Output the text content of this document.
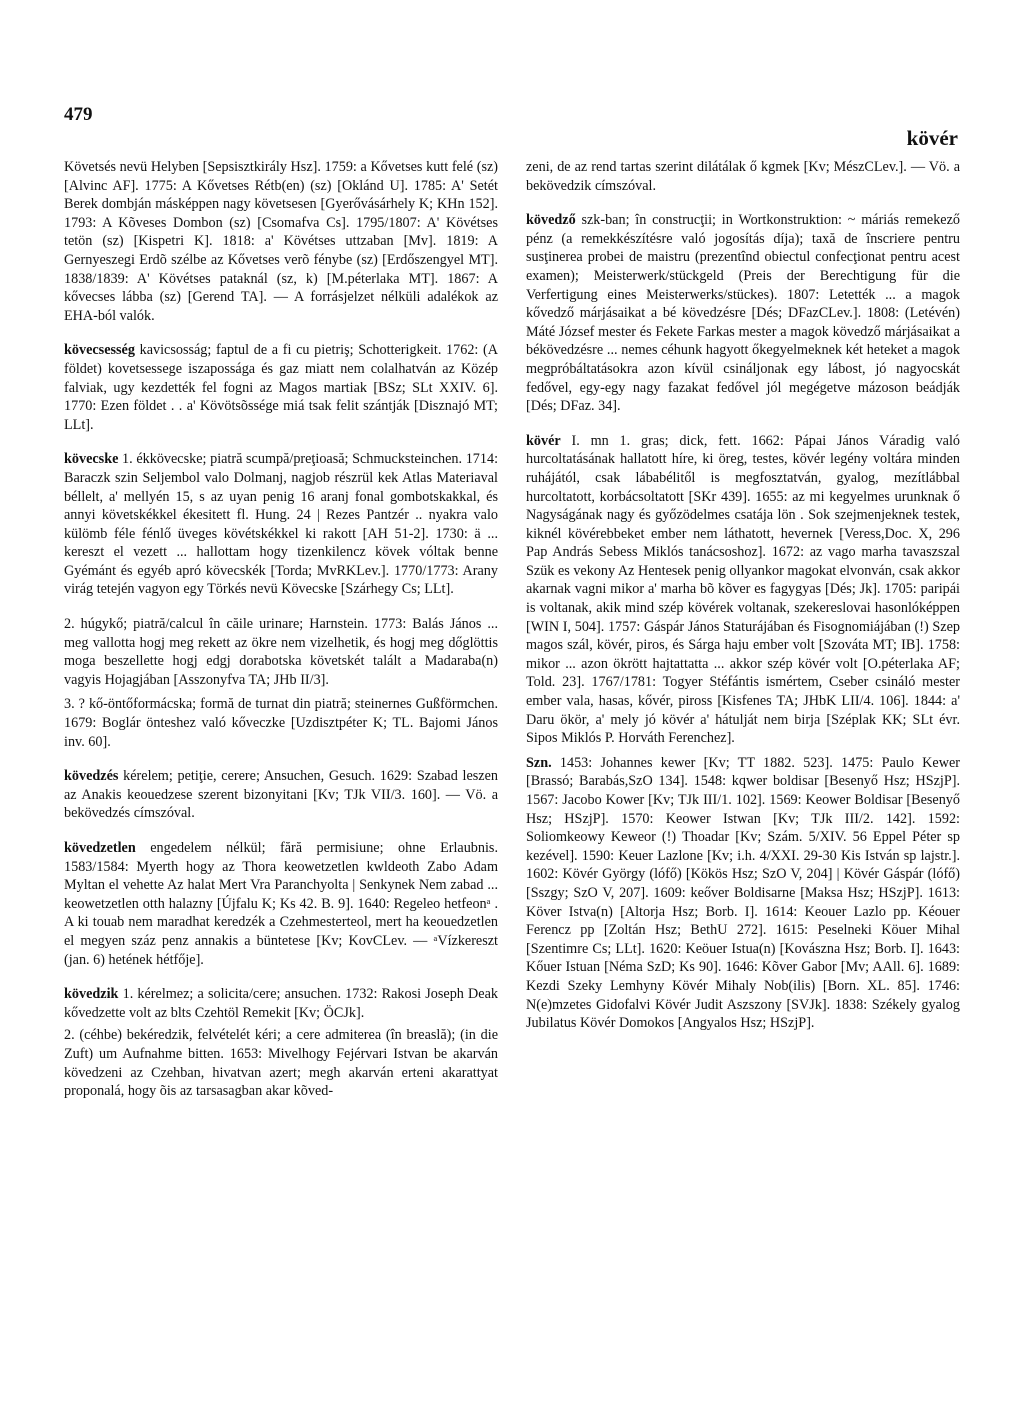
479
kövér

Követsés nevü Helyben [Sepsisztkirály Hsz]. 1759: a Kővetses kutt felé (sz) [Alvinc AF]. 1775: A Kővetses Rétb(en) (sz) [Oklánd U]. 1785: A' Setét Berek dombján másképpen nagy követsesen [Gyerővásárhely K; KHn 152]. 1793: A Kõveses Dombon (sz) [Csomafva Cs]. 1795/1807: A' Kövétses tetön (sz) [Kispetri K]. 1818: a' Kövétses uttzaban [Mv]. 1819: A Gernyeszegi Erdõ szélbe az Kővetses verõ fénybe (sz) [Erdőszengyel MT]. 1838/1839: A' Kövétses pataknál (sz, k) [M.péterlaka MT]. 1867: A kővecses lábba (sz) [Gerend TA]. — A forrásjelzet nélküli adalékok az EHA-ból valók.

kövecsesség kavicsosság; faptul de a fi cu pietriş; Schotterigkeit. 1762: (A földet) kovetsessege iszapossága és gaz miatt nem colalhatván az Közép falviak, ugy kezdették fel fogni az Magos martiak [BSz; SLt XXIV. 6]. 1770: Ezen földet . . a' Kövötsõssége miá tsak felit szántják [Disznajó MT; LLt].

kövecske 1. ékkövecske; piatră scumpă/preţioasă; Schmucksteinchen. 1714: Baraczk szin Seljembol valo Dolmanj, nagjob részrül kek Atlas Materiaval béllelt, a' mellyén 15, s az uyan penig 16 aranj fonal gombotskakkal, és annyi követskékkel ékesitett fl. Hung. 24 | Rezes Pantzér .. nyakra valo külömb féle fénlő üveges kövétskékkel ki rakott [AH 51-2]. 1730: ä ... kereszt el vezett ... hallottam hogy tizenkilencz kövek vóltak benne Gyémánt és egyéb apró kövecskék [Torda; MvRKLev.]. 1770/1773: Arany virág tetején vagyon egy Törkés nevü Kövecske [Szárhegy Cs; LLt].

2. húgykő; piatră/calcul în căile urinare; Harnstein. 1773: Balás János ... meg vallotta hogj meg rekett az ökre nem vizelhetik, és hogj meg dőglöttis moga beszellette hogj edgj dorabotska követskét talált a Madaraba(n) vagyis Hojagjában [Asszonyfva TA; JHb II/3].

3. ? kő-öntőformácska; formă de turnat din piatră; steinernes Gußförmchen. 1679: Boglár önteshez való kőveczke [Uzdisztpéter K; TL. Bajomi János inv. 60].

kövedzés kérelem; petiţie, cerere; Ansuchen, Gesuch. 1629: Szabad leszen az Anakis keouedzese szerent bizonyitani [Kv; TJk VII/3. 160]. — Vö. a bekövedzés címszóval.

kövedzetlen engedelem nélkül; fără permisiune; ohne Erlaubnis. 1583/1584: Myerth hogy az Thora keowetzetlen kwldeoth Zabo Adam Myltan el vehette Az halat Mert Vra Paranchyolta | Senkynek Nem zabad ... keowetzetlen otth halazny [Újfalu K; Ks 42. B. 9]. 1640: Regeleo hetfeonᵃ . A ki touab nem maradhat keredzék a Czehmesterteol, mert ha keouedzetlen el megyen száz penz annakis a büntetese [Kv; KovCLev. — ᵃVízkereszt (jan. 6) hetének hétfője].

kövedzik 1. kérelmez; a solicita/cere; ansuchen. 1732: Rakosi Joseph Deak kővedzette volt az blts Czehtöl Remekit [Kv; ÖCJk].

2. (céhbe) bekéredzik, felvételét kéri; a cere admiterea (în breaslă); (in die Zuft) um Aufnahme bitten. 1653: Mivelhogy Fejérvari Istvan be akarván kövedzeni az Czehban, hivatvan azert; megh akarván erteni akarattyat proponalá, hogy õis az tarsasagban akar kõved-

zeni, de az rend tartas szerint dilátálak ő kgmek [Kv; MészCLev.]. — Vö. a bekövedzik címszóval.

kövedző szk-ban; în construcţii; in Wortkonstruktion: ~ máriás remekező pénz (a remekkészítésre való jogosítás díja); taxă de înscriere pentru susţinerea probei de maistru (prezentînd obiectul confecţionat pentru acest examen); Meisterwerk/stückgeld (Preis der Berechtigung für die Verfertigung eines Meisterwerks/stückes). 1807: Letették ... a magok kővedző márjásaikat a bé kövedzésre [Dés; DFazCLev.]. 1808: (Letévén) Máté József mester és Fekete Farkas mester a magok kövedző márjásaikat a békövedzésre ... nemes céhunk hagyott őkegyelmeknek két heteket a magok megpróbáltatásokra azon kívül csináljonak egy lábost, jó nagyocskát fedővel, egy-egy nagy fazakat fedővel jól megégetve mázoson beádják [Dés; DFaz. 34].

kövér I. mn 1. gras; dick, fett. 1662: Pápai János Váradig való hurcoltatásának hallatott híre, ki öreg, testes, kövér legény voltára minden ruhájától, csak lábabélitől is megfosztatván, gyalog, mezítlábbal hurcoltatott, korbácsoltatott [SKr 439]. 1655: az mi kegyelmes urunknak ő Nagyságának nagy és győzödelmes csatája lön . Sok szejmenjeknek testek, kiknél kövérebbeket ember nem láthatott, hevernek [Veress,Doc. X, 296 Pap András Sebess Miklós tanácsoshoz]. 1672: az vago marha tavaszszal Szük es vekony Az Hentesek penig ollyankor magokat elvonván, csak akkor akarnak vagni mikor a' marha bõ kõver es fagygyas [Dés; Jk]. 1705: paripái is voltanak, akik mind szép kövérek voltanak, szekereslovai hasonlóképpen [WIN I, 504]. 1757: Gáspár János Staturájában és Fisognomiájában (!) Szep magos szál, kövér, piros, és Sárga haju ember volt [Szováta MT; IB]. 1758: mikor ... azon ökrött hajtattatta ... akkor szép kövér volt [O.péterlaka AF; Told. 23]. 1767/1781: Togyer Stéfántis ismértem, Cseber csináló mester ember vala, hasas, kővér, piross [Kisfenes TA; JHbK LII/4. 106]. 1844: a' Daru ökör, a' mely jó kövér a' hátulját nem birja [Széplak KK; SLt évr. Sipos Miklós P. Horváth Ferenchez].

Szn. 1453: Johannes kewer [Kv; TT 1882. 523]. 1475: Paulo Kewer [Brassó; Barabás,SzO 134]. 1548: kqwer boldisar [Besenyő Hsz; HSzjP]. 1567: Jacobo Kower [Kv; TJk III/1. 102]. 1569: Keower Boldisar [Besenyő Hsz; HSzjP]. 1570: Keower Istwan [Kv; TJk III/2. 142]. 1592: Soliomkeowy Keweor (!) Thoadar [Kv; Szám. 5/XIV. 56 Eppel Péter sp kezével]. 1590: Keuer Lazlone [Kv; i.h. 4/XXI. 29-30 Kis István sp lajstr.]. 1602: Kövér György (lófő) [Kökös Hsz; SzO V, 204] | Kövér Gáspár (lófő) [Sszgy; SzO V, 207]. 1609: keőver Boldisarne [Maksa Hsz; HSzjP]. 1613: Köver Istva(n) [Altorja Hsz; Borb. I]. 1614: Keouer Lazlo pp. Kéouer Ferencz pp [Zoltán Hsz; BethU 272]. 1615: Peselneki Köuer Mihal [Szentimre Cs; LLt]. 1620: Keöuer Istua(n) [Kovászna Hsz; Borb. I]. 1643: Kőuer Istuan [Néma SzD; Ks 90]. 1646: Kõver Gabor [Mv; AAll. 6]. 1689: Kezdi Szeky Lemhyny Kövér Mihaly Nob(ilis) [Born. XL. 85]. 1746: N(e)mzetes Gidofalvi Kövér Judit Aszszony [SVJk]. 1838: Székely gyalog Jubilatus Kövér Domokos [Angyalos Hsz; HSzjP].
